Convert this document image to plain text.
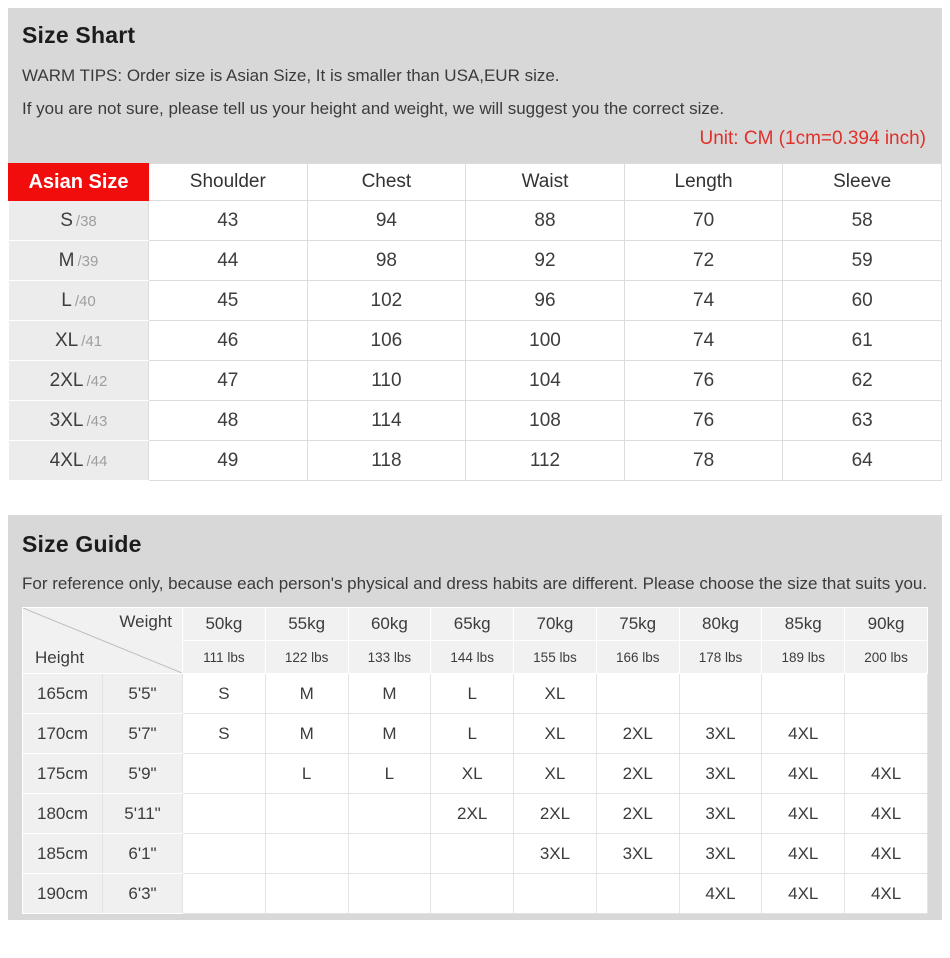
Size Shart
WARM TIPS: Order size is Asian Size, It is smaller than USA,EUR size.
If you are not sure, please tell us your height and weight, we will suggest you the correct size.
Unit: CM (1cm=0.394 inch)
Asian Size	Shoulder	Chest	Waist	Length	Sleeve
S /38	43	94	88	70	58
M /39	44	98	92	72	59
L /40	45	102	96	74	60
XL /41	46	106	100	74	61
2XL /42	47	110	104	76	62
3XL /43	48	114	108	76	63
4XL /44	49	118	112	78	64
Size Guide
For reference only, because each person's physical and dress habits are different. Please choose the size that suits you.
Weight
Height		50kg	55kg	60kg	65kg	70kg	75kg	80kg	85kg	90kg
		111 lbs	122 lbs	133 lbs	144 lbs	155 lbs	166 lbs	178 lbs	189 lbs	200 lbs
165cm	5'5"	S	M	M	L	XL				
170cm	5'7"	S	M	M	L	XL	2XL	3XL	4XL	
175cm	5'9"		L	L	XL	XL	2XL	3XL	4XL	4XL
180cm	5'11"				2XL	2XL	2XL	3XL	4XL	4XL
185cm	6'1"					3XL	3XL	3XL	4XL	4XL
190cm	6'3"							4XL	4XL	4XL
